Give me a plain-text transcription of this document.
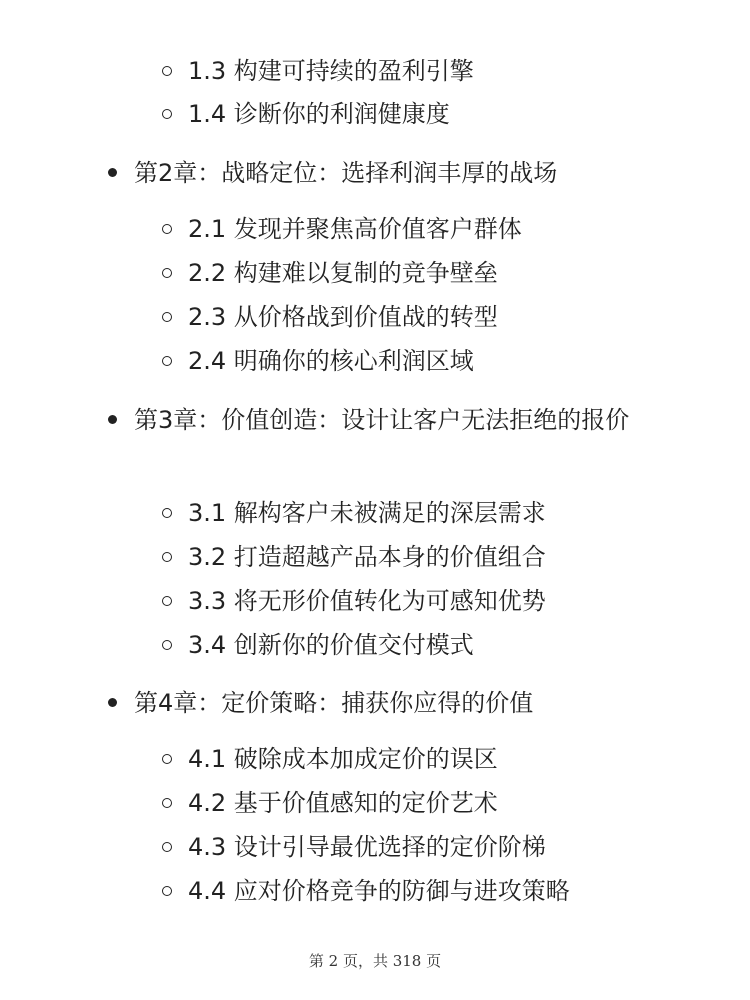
1.3 构建可持续的盈利引擎
1.4 诊断你的利润健康度
第2章：战略定位：选择利润丰厚的战场
2.1 发现并聚焦高价值客户群体
2.2 构建难以复制的竞争壁垒
2.3 从价格战到价值战的转型
2.4 明确你的核心利润区域
第3章：价值创造：设计让客户无法拒绝的报价
3.1 解构客户未被满足的深层需求
3.2 打造超越产品本身的价值组合
3.3 将无形价值转化为可感知优势
3.4 创新你的价值交付模式
第4章：定价策略：捕获你应得的价值
4.1 破除成本加成定价的误区
4.2 基于价值感知的定价艺术
4.3 设计引导最优选择的定价阶梯
4.4 应对价格竞争的防御与进攻策略
第 2 页，共 318 页
